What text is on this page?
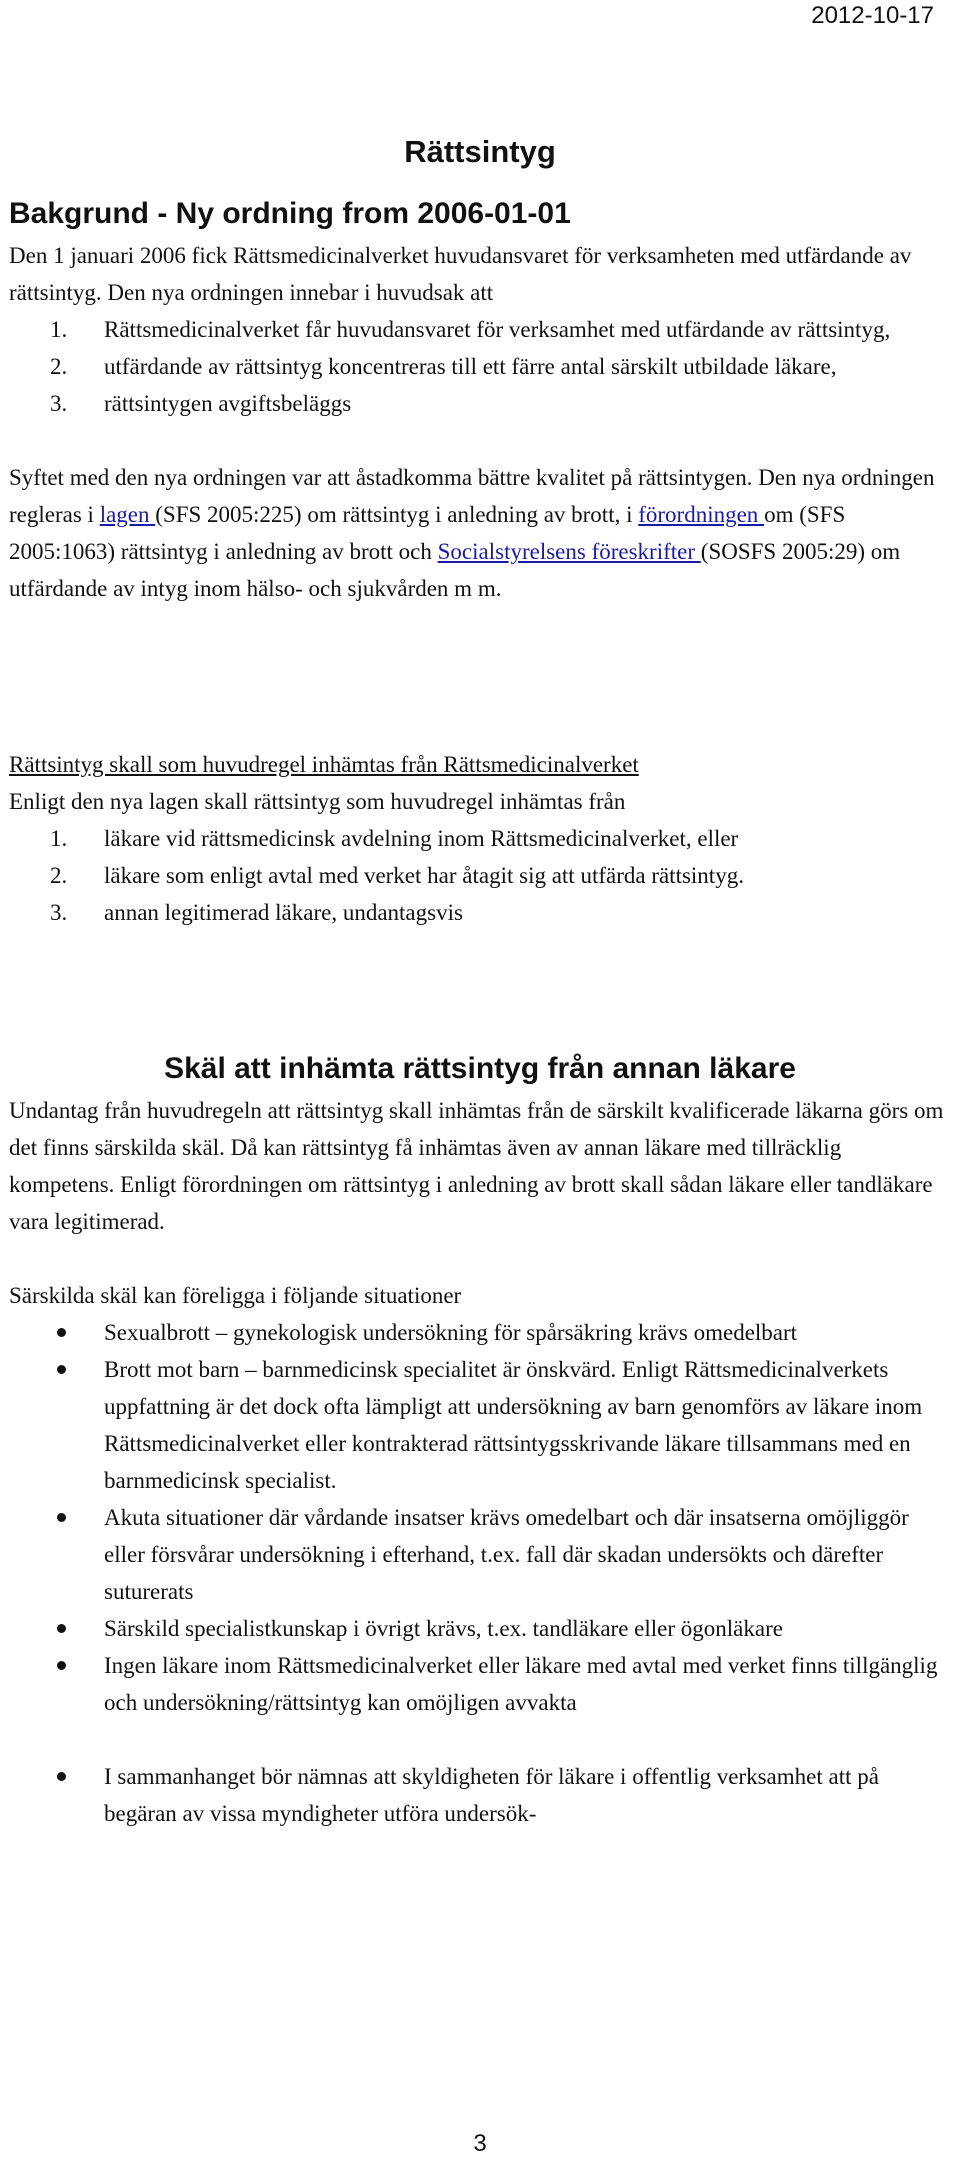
2012-10-17
Rättsintyg
Bakgrund - Ny ordning from 2006-01-01

Den 1 januari 2006 fick Rättsmedicinalverket huvudansvaret för verksamheten med utfärdande av rättsintyg. Den nya ordningen innebar i huvudsak att

1. Rättsmedicinalverket får huvudansvaret för verksamhet med utfärdande av rättsintyg,
2. utfärdande av rättsintyg koncentreras till ett färre antal särskilt utbildade läkare,
3. rättsintygen avgiftsbeläggs

Syftet med den nya ordningen var att åstadkomma bättre kvalitet på rättsintygen. Den nya ordningen regleras i lagen (SFS 2005:225) om rättsintyg i anledning av brott, i förordningen om (SFS 2005:1063) rättsintyg i anledning av brott och Socialstyrelsens föreskrifter (SOSFS 2005:29) om utfärdande av intyg inom hälso- och sjukvården m m.

Rättsintyg skall som huvudregel inhämtas från Rättsmedicinalverket

Enligt den nya lagen skall rättsintyg som huvudregel inhämtas från

1. läkare vid rättsmedicinsk avdelning inom Rättsmedicinalverket, eller
2. läkare som enligt avtal med verket har åtagit sig att utfärda rättsintyg.
3. annan legitimerad läkare, undantagsvis
Skäl att inhämta rättsintyg från annan läkare

Undantag från huvudregeln att rättsintyg skall inhämtas från de särskilt kvalificerade läkarna görs om det finns särskilda skäl. Då kan rättsintyg få inhämtas även av annan läkare med tillräcklig kompetens. Enligt förordningen om rättsintyg i anledning av brott skall sådan läkare eller tandläkare vara legitimerad.

Särskilda skäl kan föreligga i följande situationer

Sexualbrott – gynekologisk undersökning för spårsäkring krävs omedelbart
Brott mot barn – barnmedicinsk specialitet är önskvärd. Enligt Rättsmedicinalverkets uppfattning är det dock ofta lämpligt att undersökning av barn genomförs av läkare inom Rättsmedicinalverket eller kontrakterad rättsintygsskrivande läkare tillsammans med en barnmedicinsk specialist.
Akuta situationer där vårdande insatser krävs omedelbart och där insatserna omöjliggör eller försvårar undersökning i efterhand, t.ex. fall där skadan undersökts och därefter suturerats
Särskild specialistkunskap i övrigt krävs, t.ex. tandläkare eller ögonläkare
Ingen läkare inom Rättsmedicinalverket eller läkare med avtal med verket finns tillgänglig och undersökning/rättsintyg kan omöjligen avvakta
I sammanhanget bör nämnas att skyldigheten för läkare i offentlig verksamhet att på begäran av vissa myndigheter utföra undersök-
3
